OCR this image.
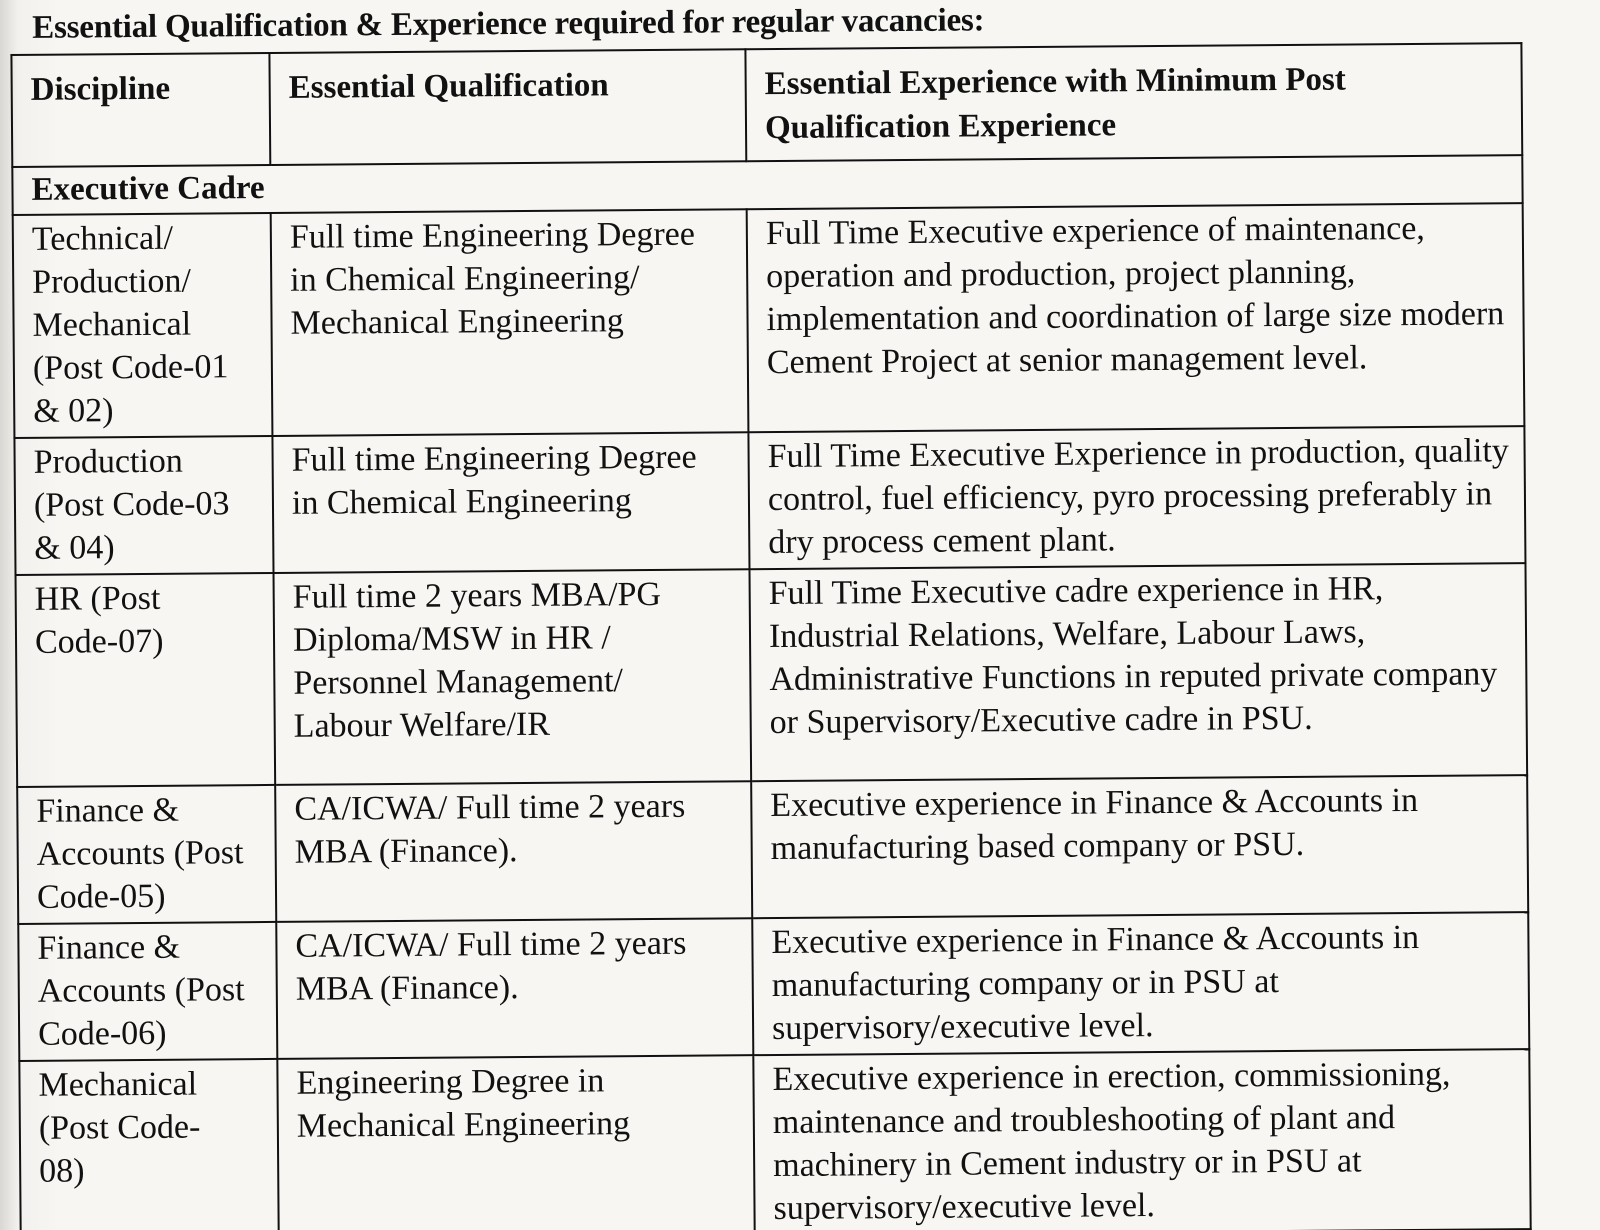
Essential Qualification & Experience required for regular vacancies:
Discipline	Essential Qualification	Essential Experience with Minimum Post Qualification Experience
Executive Cadre		

Technical/
Production/
Mechanical
(Post Code-01
& 02)	Full time Engineering Degree
in Chemical Engineering/
Mechanical Engineering	Full Time Executive experience of maintenance, operation and production, project planning, implementation and coordination of large size modern Cement Project at senior management level.

Production
(Post Code-03
& 04)	Full time Engineering Degree
in Chemical Engineering	Full Time Executive Experience in production, quality control, fuel efficiency, pyro processing preferably in dry process cement plant.

HR (Post
Code-07)	Full time 2 years MBA/PG
Diploma/MSW in HR /
Personnel Management/
Labour Welfare/IR	Full Time Executive cadre experience in HR, Industrial Relations, Welfare, Labour Laws, Administrative Functions in reputed private company or Supervisory/Executive cadre in PSU.

Finance &
Accounts (Post
Code-05)	CA/ICWA/ Full time 2 years
MBA (Finance).	Executive experience in Finance & Accounts in manufacturing based company or PSU.

Finance &
Accounts (Post
Code-06)	CA/ICWA/ Full time 2 years
MBA (Finance).	Executive experience in Finance & Accounts in manufacturing company or in PSU at supervisory/executive level.

Mechanical
(Post Code-
08)	Engineering Degree in
Mechanical Engineering	Executive experience in erection, commissioning, maintenance and troubleshooting of plant and machinery in Cement industry or in PSU at supervisory/executive level.
